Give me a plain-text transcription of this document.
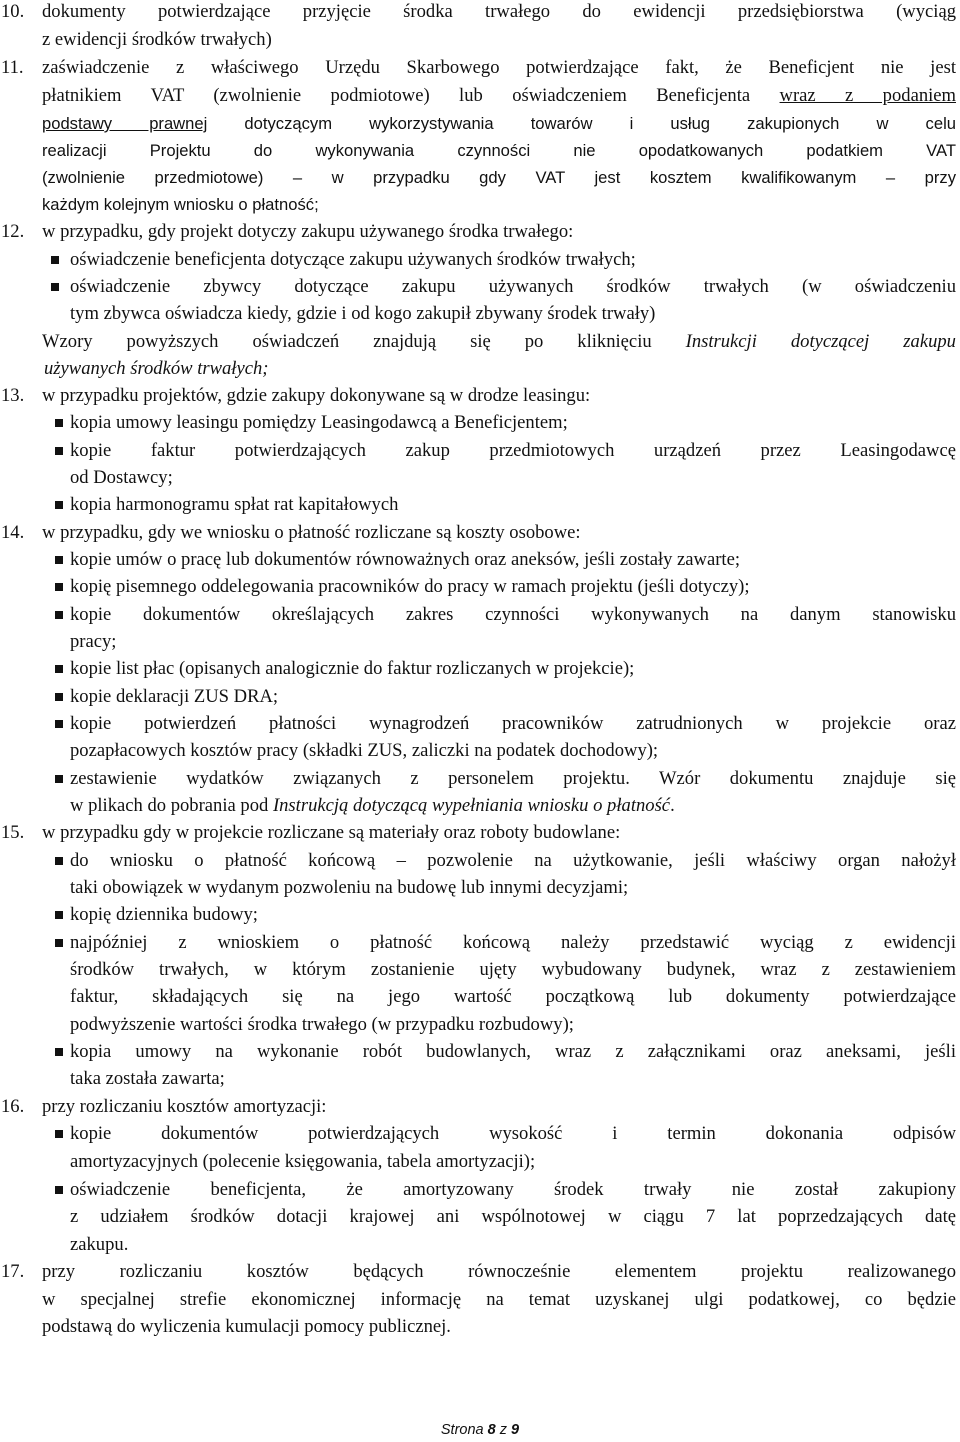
10. dokumenty potwierdzające przyjęcie środka trwałego do ewidencji przedsiębiorstwa (wyciąg
z ewidencji środków trwałych)
11. zaświadczenie z właściwego Urzędu Skarbowego potwierdzające fakt, że Beneficjent nie jest
płatnikiem VAT (zwolnienie podmiotowe) lub oświadczeniem Beneficjenta wraz z podaniem
podstawy prawnej dotyczącym wykorzystywania towarów i usług zakupionych w celu
realizacji Projektu do wykonywania czynności nie opodatkowanych podatkiem VAT
(zwolnienie przedmiotowe) – w przypadku gdy VAT jest kosztem kwalifikowanym – przy
każdym kolejnym wniosku o płatność;
12. w przypadku, gdy projekt dotyczy zakupu używanego środka trwałego:
oświadczenie beneficjenta dotyczące zakupu używanych środków trwałych;
oświadczenie zbywcy dotyczące zakupu używanych środków trwałych (w oświadczeniu
tym zbywca oświadcza kiedy, gdzie i od kogo zakupił zbywany środek trwały)
Wzory powyższych oświadczeń znajdują się po kliknięciu Instrukcji dotyczącej zakupu
używanych środków trwałych;
13. w przypadku projektów, gdzie zakupy dokonywane są w drodze leasingu:
kopia umowy leasingu pomiędzy Leasingodawcą a Beneficjentem;
kopie faktur potwierdzających zakup przedmiotowych urządzeń przez Leasingodawcę
od Dostawcy;
kopia harmonogramu spłat rat kapitałowych
14. w przypadku, gdy we wniosku o płatność rozliczane są koszty osobowe:
kopie umów o pracę lub dokumentów równoważnych oraz aneksów, jeśli zostały zawarte;
kopię pisemnego oddelegowania pracowników do pracy w ramach projektu (jeśli dotyczy);
kopie dokumentów określających zakres czynności wykonywanych na danym stanowisku
pracy;
kopie list płac (opisanych analogicznie do faktur rozliczanych w projekcie);
kopie deklaracji ZUS DRA;
kopie potwierdzeń płatności wynagrodzeń pracowników zatrudnionych w projekcie oraz
pozapłacowych kosztów pracy (składki ZUS, zaliczki na podatek dochodowy);
zestawienie wydatków związanych z personelem projektu. Wzór dokumentu znajduje się
w plikach do pobrania pod Instrukcją dotyczącą wypełniania wniosku o płatność.
15. w przypadku gdy w projekcie rozliczane są materiały oraz roboty budowlane:
do wniosku o płatność końcową – pozwolenie na użytkowanie, jeśli właściwy organ nałożył
taki obowiązek w wydanym pozwoleniu na budowę lub innymi decyzjami;
kopię dziennika budowy;
najpóźniej z wnioskiem o płatność końcową należy przedstawić wyciąg z ewidencji
środków trwałych, w którym zostanienie ujęty wybudowany budynek, wraz z zestawieniem
faktur, składających się na jego wartość początkową lub dokumenty potwierdzające
podwyższenie wartości środka trwałego (w przypadku rozbudowy);
kopia umowy na wykonanie robót budowlanych, wraz z załącznikami oraz aneksami, jeśli
taka została zawarta;
16. przy rozliczaniu kosztów amortyzacji:
kopie dokumentów potwierdzających wysokość i termin dokonania odpisów
amortyzacyjnych (polecenie księgowania, tabela amortyzacji);
oświadczenie beneficjenta, że amortyzowany środek trwały nie został zakupiony
z udziałem środków dotacji krajowej ani wspólnotowej w ciągu 7 lat poprzedzających datę
zakupu.
17. przy rozliczaniu kosztów będących równocześnie elementem projektu realizowanego
w specjalnej strefie ekonomicznej informację na temat uzyskanej ulgi podatkowej, co będzie
podstawą do wyliczenia kumulacji pomocy publicznej.
Strona 8 z 9
